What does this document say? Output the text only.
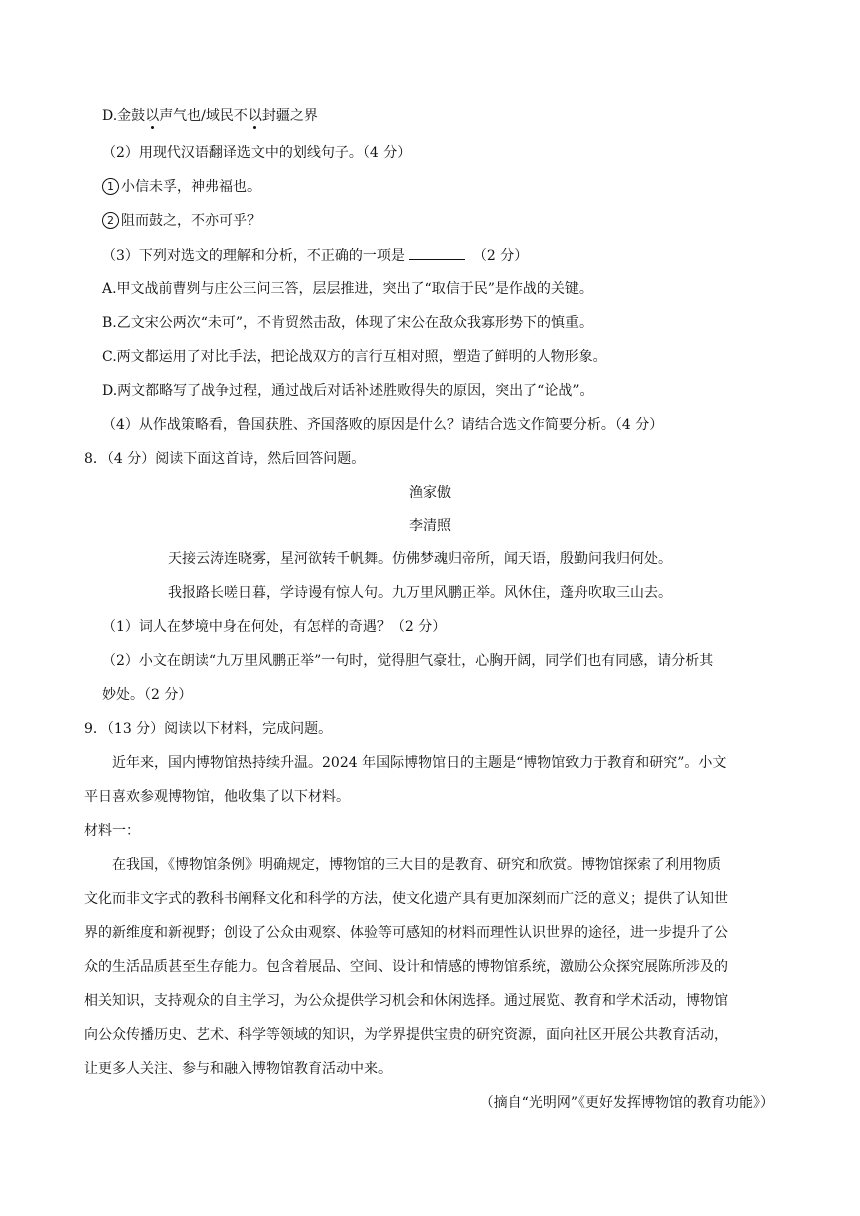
D.金鼓以声气也/域民不以封疆之界
（2）用现代汉语翻译选文中的划线句子。（4 分）
1 小信未孚，神弗福也。
2 阻而鼓之，不亦可乎？
（3）下列对选文的理解和分析，不正确的一项是	（2 分）
A.甲文战前曹刿与庄公三问三答，层层推进，突出了“取信于民”是作战的关键。
B.乙文宋公两次“未可”，不肯贸然击敌，体现了宋公在敌众我寡形势下的慎重。
C.两文都运用了对比手法，把论战双方的言行互相对照，塑造了鲜明的人物形象。
D.两文都略写了战争过程，通过战后对话补述胜败得失的原因，突出了“论战”。
（4）从作战策略看，鲁国获胜、齐国落败的原因是什么？请结合选文作简要分析。（4 分）
8．（4 分）阅读下面这首诗，然后回答问题。
渔家傲
李清照
天接云涛连晓雾，星河欲转千帆舞。仿佛梦魂归帝所，闻天语，殷勤问我归何处。
我报路长嗟日暮，学诗谩有惊人句。九万里风鹏正举。风休住，蓬舟吹取三山去。
（1）词人在梦境中身在何处，有怎样的奇遇？（2 分）
（2）小文在朗读“九万里风鹏正举”一句时，觉得胆气豪壮，心胸开阔，同学们也有同感，请分析其
妙处。（2 分）
9．（13 分）阅读以下材料，完成问题。
近年来，国内博物馆热持续升温。2024 年国际博物馆日的主题是“博物馆致力于教育和研究”。小文
平日喜欢参观博物馆，他收集了以下材料。
材料一：
在我国，《博物馆条例》明确规定，博物馆的三大目的是教育、研究和欣赏。博物馆探索了利用物质
文化而非文字式的教科书阐释文化和科学的方法，使文化遗产具有更加深刻而广泛的意义；提供了认知世
界的新维度和新视野；创设了公众由观察、体验等可感知的材料而理性认识世界的途径，进一步提升了公
众的生活品质甚至生存能力。包含着展品、空间、设计和情感的博物馆系统，激励公众探究展陈所涉及的
相关知识，支持观众的自主学习，为公众提供学习机会和休闲选择。通过展览、教育和学术活动，博物馆
向公众传播历史、艺术、科学等领域的知识，为学界提供宝贵的研究资源，面向社区开展公共教育活动，
让更多人关注、参与和融入博物馆教育活动中来。
（摘自“光明网”《更好发挥博物馆的教育功能》）
